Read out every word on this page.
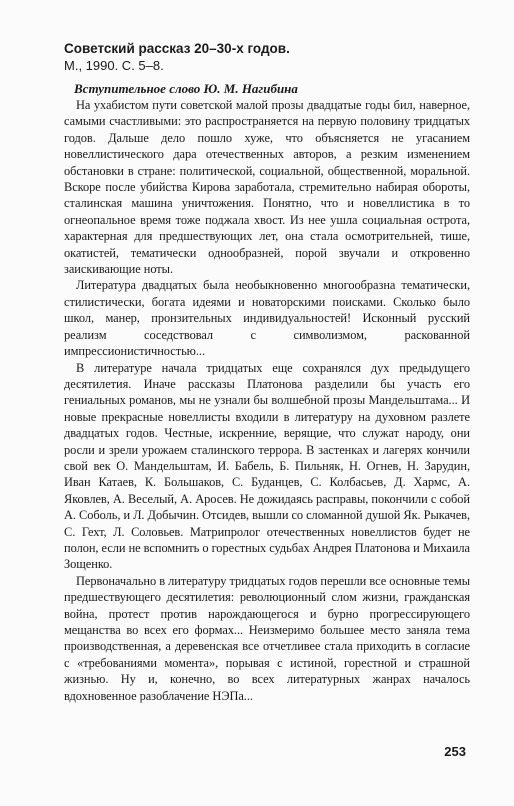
Советский рассказ 20–30-х годов.

М., 1990. С. 5–8.

Вступительное слово Ю. М. Нагибина

На ухабистом пути советской малой прозы двадцатые годы бил, наверное, самыми счастливыми: это распространяется на первую половину тридцатых годов. Дальше дело пошло хуже, что объясняется не угасанием новеллистического дара отечественных авторов, а резким изменением обстановки в стране: политической, социальной, общественной, моральной. Вскоре после убийства Кирова заработала, стремительно набирая обороты, сталинская машина уничтожения. Понятно, что и новеллистика в то огнеопальное время тоже поджала хвост. Из нее ушла социальная острота, характерная для предшествующих лет, она стала осмотрительней, тише, окатистей, тематически однообразней, порой звучали и откровенно заискивающие ноты.

Литература двадцатых была необыкновенно многообразна тематически, стилистически, богата идеями и новаторскими поисками. Сколько было школ, манер, пронзительных индивидуальностей! Исконный русский реализм соседствовал с символизмом, раскованной импрессионистичностью...

В литературе начала тридцатых еще сохранялся дух предыдущего десятилетия. Иначе рассказы Платонова разделили бы участь его гениальных романов, мы не узнали бы волшебной прозы Мандельштама... И новые прекрасные новеллисты входили в литературу на духовном разлете двадцатых годов. Честные, искренние, верящие, что служат народу, они росли и зрели урожаем сталинского террора. В застенках и лагерях кончили свой век О. Мандельштам, И. Бабель, Б. Пильняк, Н. Огнев, Н. Зарудин, Иван Катаев, К. Большаков, С. Буданцев, С. Колбасьев, Д. Хармс, А. Яковлев, А. Веселый, А. Аросев. Не дожидаясь расправы, покончили с собой А. Соболь, и Л. Добычин. Отсидев, вышли со сломанной душой Як. Рыкачев, С. Гехт, Л. Соловьев. Матрипролог отечественных новеллистов будет не полон, если не вспомнить о горестных судьбах Андрея Платонова и Михаила Зощенко.

Первоначально в литературу тридцатых годов перешли все основные темы предшествующего десятилетия: революционный слом жизни, гражданская война, протест против нарождающегося и бурно прогрессирующего мещанства во всех его формах... Неизмеримо большее место заняла тема производственная, а деревенская все отчетливее стала приходить в согласие с «требованиями момента», порывая с истиной, горестной и страшной жизнью. Ну и, конечно, во всех литературных жанрах началось вдохновенное разоблачение НЭПа...

253
